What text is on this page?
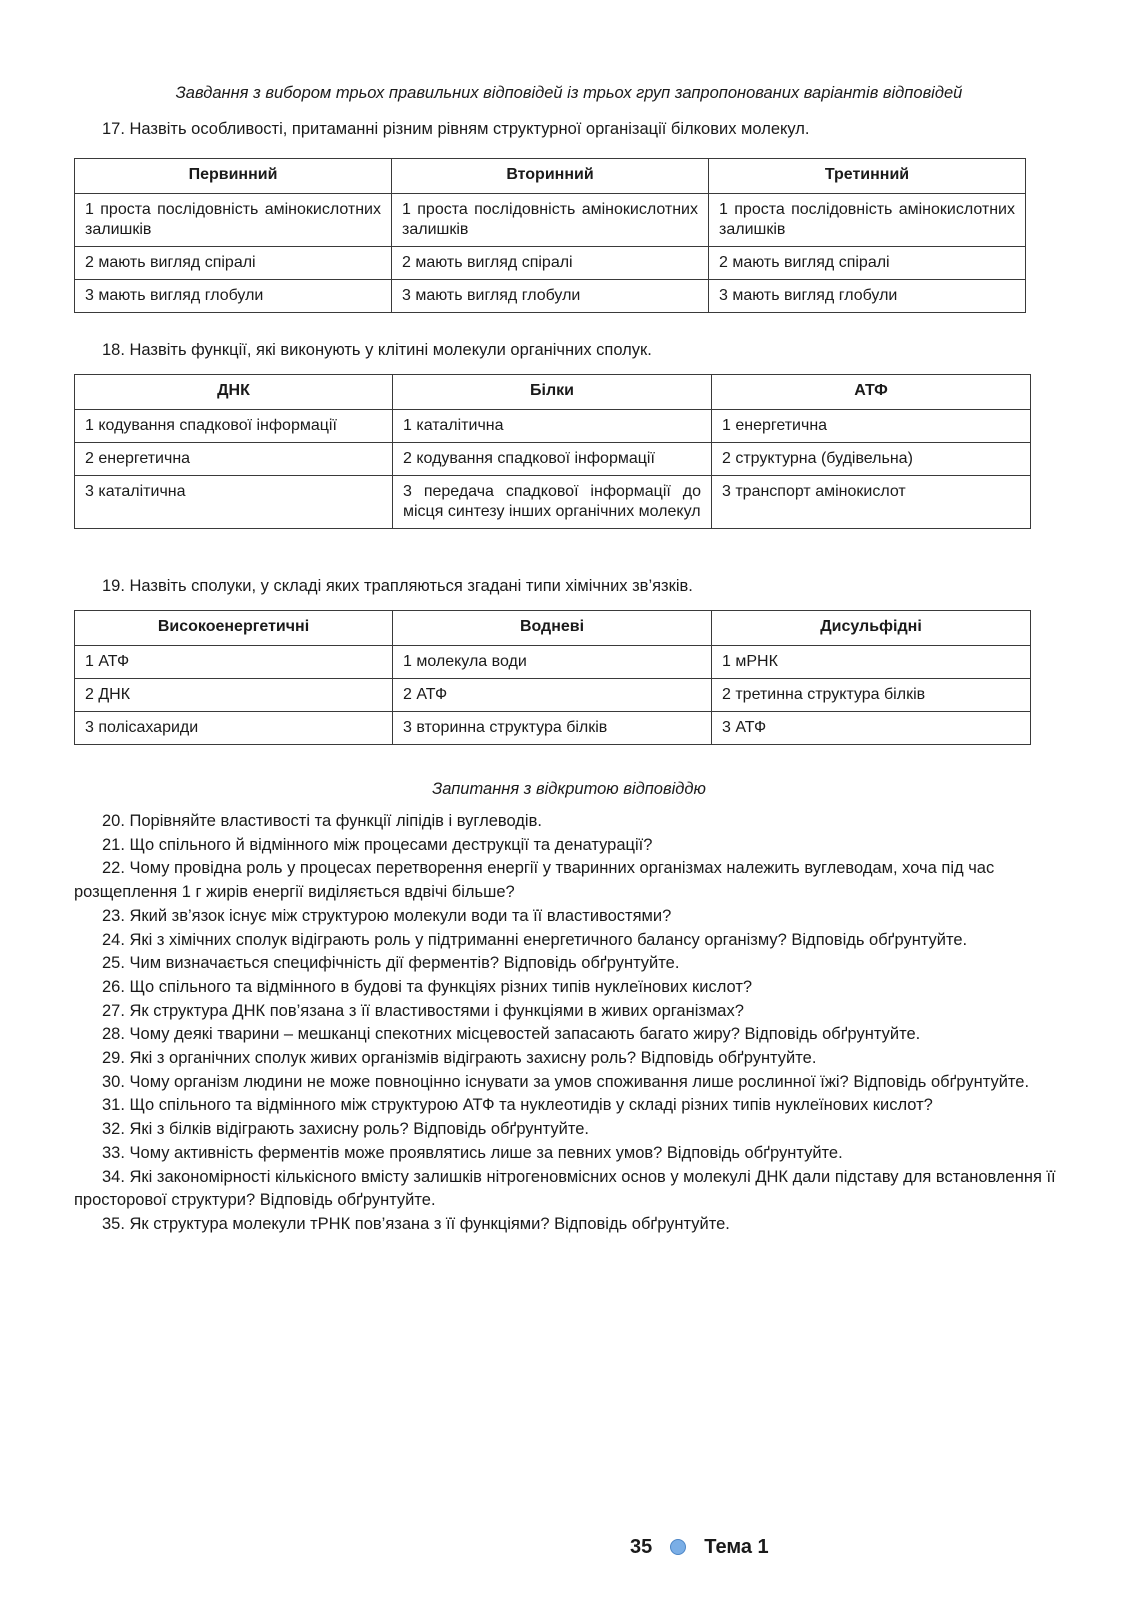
Завдання з вибором трьох правильних відповідей із трьох груп запропонованих варіантів відповідей
17. Назвіть особливості, притаманні різним рівням структурної організації білкових молекул.
Первинний	Вторинний	Третинний
1 проста послідовність амінокислотних залишків	1 проста послідовність амінокислотних залишків	1 проста послідовність амінокислотних залишків
2 мають вигляд спіралі	2 мають вигляд спіралі	2 мають вигляд спіралі
3 мають вигляд глобули	3 мають вигляд глобули	3 мають вигляд глобули
18. Назвіть функції, які виконують у клітині молекули органічних сполук.
ДНК	Білки	АТФ
1 кодування спадкової інформації	1 каталітична	1 енергетична
2 енергетична	2 кодування спадкової інформації	2 структурна (будівельна)
3 каталітична	3 передача спадкової інформації до місця синтезу інших органічних молекул	3 транспорт амінокислот
19. Назвіть сполуки, у складі яких трапляються згадані типи хімічних зв’язків.
Високоенергетичні	Водневі	Дисульфідні
1 АТФ	1 молекула води	1 мРНК
2 ДНК	2 АТФ	2 третинна структура білків
3 полісахариди	3 вторинна структура білків	3 АТФ
Запитання з відкритою відповіддю
20. Порівняйте властивості та функції ліпідів і вуглеводів.
21. Що спільного й відмінного між процесами деструкції та денатурації?
22. Чому провідна роль у процесах перетворення енергії у тваринних організмах належить вуглеводам, хоча під час розщеплення 1 г жирів енергії виділяється вдвічі більше?
23. Який зв’язок існує між структурою молекули води та її властивостями?
24. Які з хімічних сполук відіграють роль у підтриманні енергетичного балансу організму? Відповідь обґрунтуйте.
25. Чим визначається специфічність дії ферментів? Відповідь обґрунтуйте.
26. Що спільного та відмінного в будові та функціях різних типів нуклеїнових кислот?
27. Як структура ДНК пов’язана з її властивостями і функціями в живих організмах?
28. Чому деякі тварини – мешканці спекотних місцевостей запасають багато жиру? Відповідь обґрунтуйте.
29. Які з органічних сполук живих організмів відіграють захисну роль? Відповідь обґрунтуйте.
30. Чому організм людини не може повноцінно існувати за умов споживання лише рослинної їжі? Відповідь обґрунтуйте.
31. Що спільного та відмінного між структурою АТФ та нуклеотидів у складі різних типів нуклеїнових кислот?
32. Які з білків відіграють захисну роль? Відповідь обґрунтуйте.
33. Чому активність ферментів може проявлятись лише за певних умов? Відповідь обґрунтуйте.
34. Які закономірності кількісного вмісту залишків нітрогеновмісних основ у молекулі ДНК дали підставу для встановлення її просторової структури? Відповідь обґрунтуйте.
35. Як структура молекули тРНК пов’язана з її функціями? Відповідь обґрунтуйте.
35	Тема 1
